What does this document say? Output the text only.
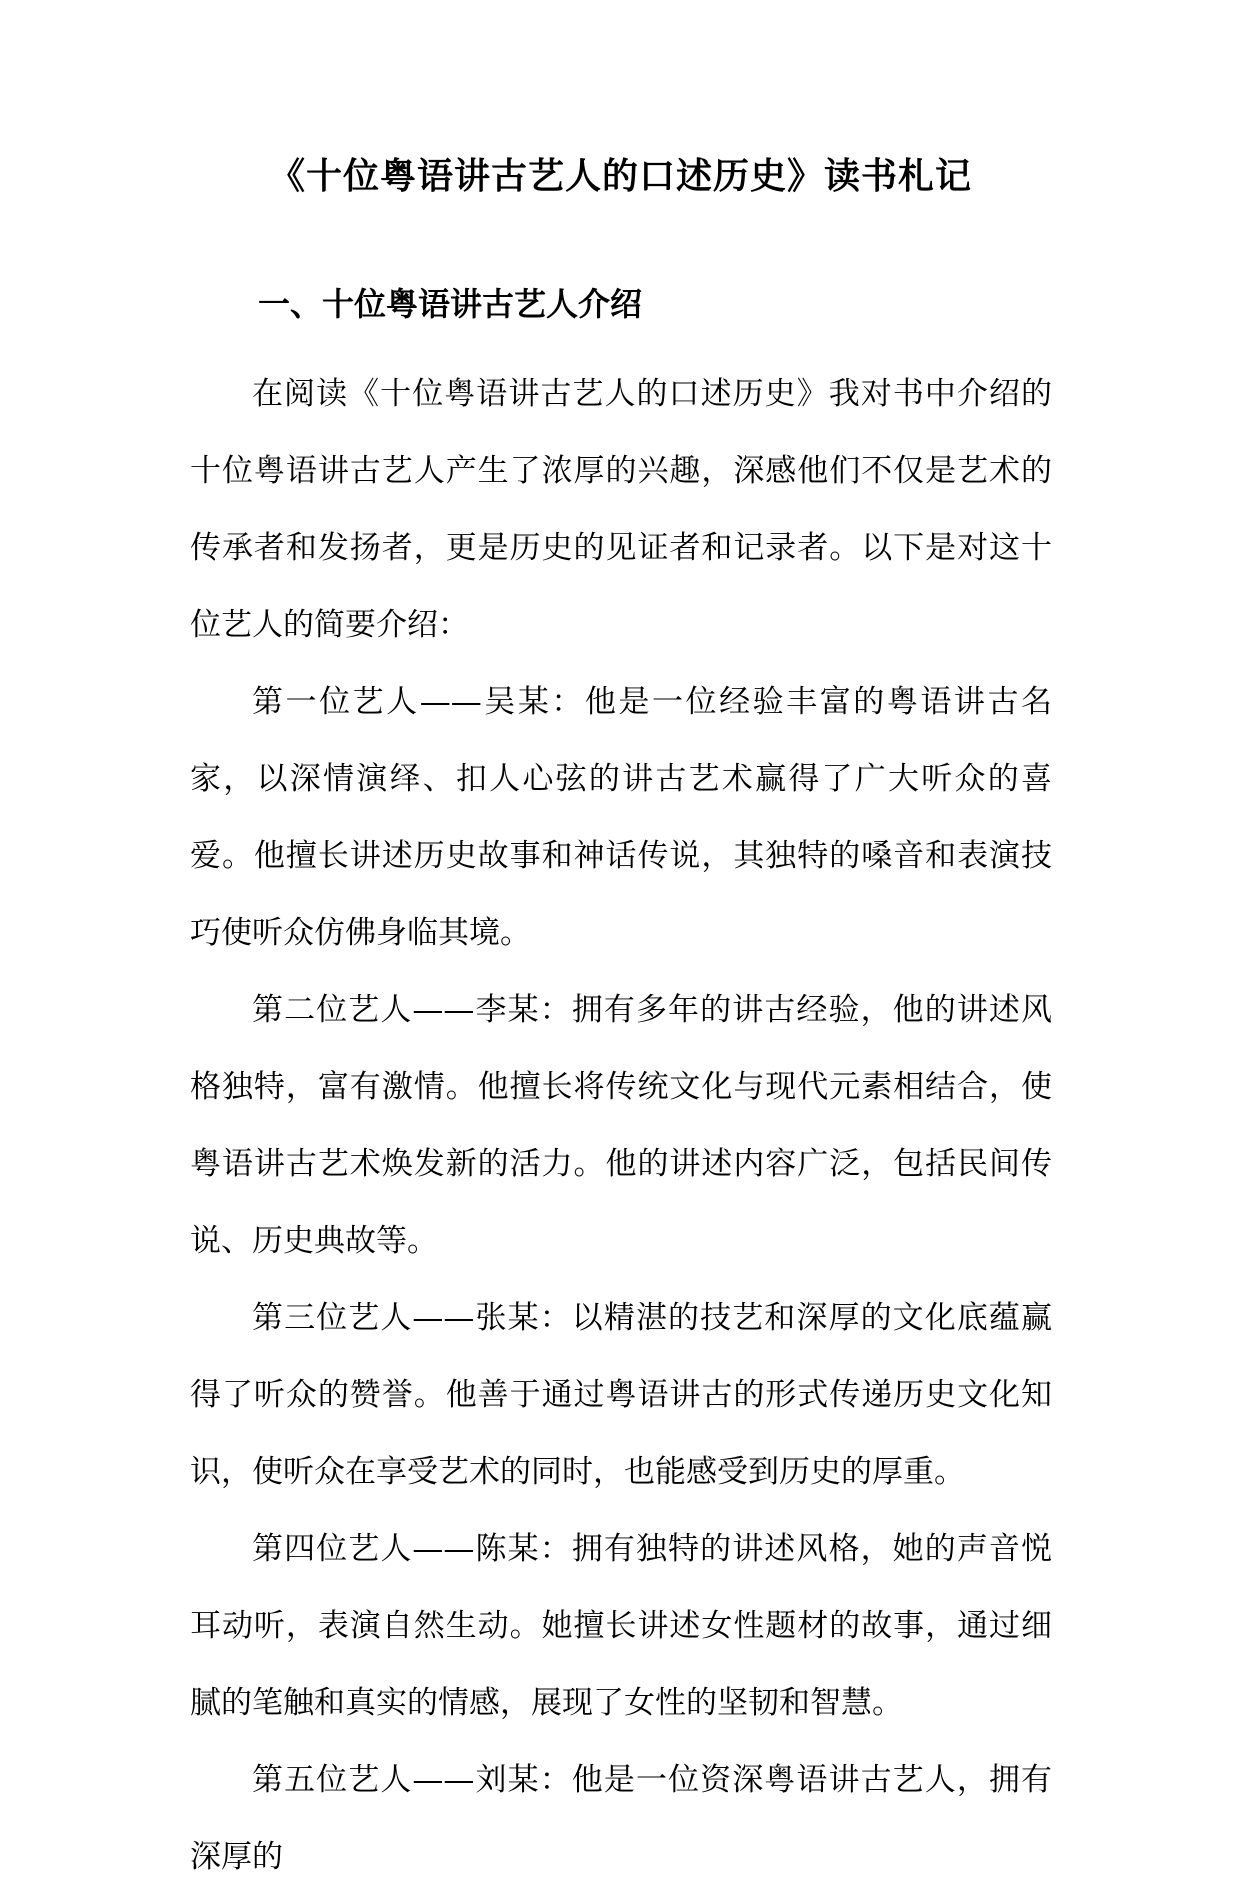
《十位粤语讲古艺人的口述历史》读书札记
一、十位粤语讲古艺人介绍

在阅读《十位粤语讲古艺人的口述历史》我对书中介绍的十位粤语讲古艺人产生了浓厚的兴趣，深感他们不仅是艺术的传承者和发扬者，更是历史的见证者和记录者。以下是对这十位艺人的简要介绍：

第一位艺人——吴某：他是一位经验丰富的粤语讲古名家，以深情演绎、扣人心弦的讲古艺术赢得了广大听众的喜爱。他擅长讲述历史故事和神话传说，其独特的嗓音和表演技巧使听众仿佛身临其境。

第二位艺人——李某：拥有多年的讲古经验，他的讲述风格独特，富有激情。他擅长将传统文化与现代元素相结合，使粤语讲古艺术焕发新的活力。他的讲述内容广泛，包括民间传说、历史典故等。

第三位艺人——张某：以精湛的技艺和深厚的文化底蕴赢得了听众的赞誉。他善于通过粤语讲古的形式传递历史文化知识，使听众在享受艺术的同时，也能感受到历史的厚重。

第四位艺人——陈某：拥有独特的讲述风格，她的声音悦耳动听，表演自然生动。她擅长讲述女性题材的故事，通过细腻的笔触和真实的情感，展现了女性的坚韧和智慧。

第五位艺人——刘某：他是一位资深粤语讲古艺人，拥有深厚的
